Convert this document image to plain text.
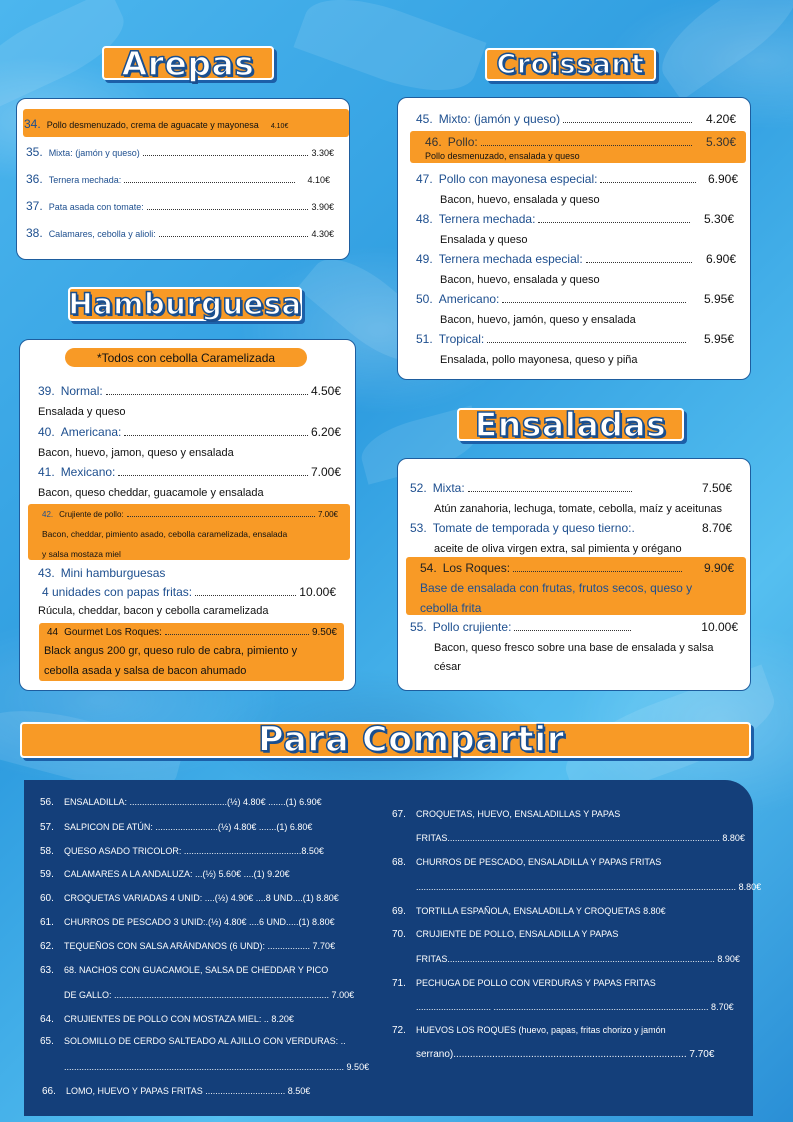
Arepas
34. Pollo desmenuzado, crema de aguacate y mayonesa 4.10€
35. Mixta: (jamón y queso)	3.30€
36. Ternera mechada:	4.10€
37. Pata asada con tomate:	3.90€
38. Calamares, cebolla y alioli:	4.30€
Hamburguesa
*Todos con cebolla Caramelizada
39. Normal:	4.50€
Ensalada y queso
40. Americana:	6.20€
Bacon, huevo, jamon, queso y ensalada
41. Mexicano:	7.00€
Bacon, queso cheddar, guacamole y ensalada
42. Crujiente de pollo:	7.00€
Bacon, cheddar, pimiento asado, cebolla caramelizada, ensalada
y salsa mostaza miel
43. Mini hamburguesas
4 unidades con papas fritas:	10.00€
Rúcula, cheddar, bacon y cebolla caramelizada
44 Gourmet Los Roques:	9.50€
Black angus 200 gr, queso rulo de cabra, pimiento y
cebolla asada y salsa de bacon ahumado
Croissant
45. Mixto: (jamón y queso)	4.20€
46. Pollo:	5.30€
Pollo desmenuzado, ensalada y queso
47. Pollo con mayonesa especial:	6.90€
Bacon, huevo, ensalada y queso
48. Ternera mechada:	5.30€
Ensalada y queso
49. Ternera mechada especial:	6.90€
Bacon, huevo, ensalada y queso
50. Americano:	5.95€
Bacon, huevo, jamón, queso y ensalada
51. Tropical:	5.95€
Ensalada, pollo mayonesa, queso y piña
Ensaladas
52. Mixta:	7.50€
Atún zanahoria, lechuga, tomate, cebolla, maíz y aceitunas
53. Tomate de temporada y queso tierno:.	8.70€
aceite de oliva virgen extra, sal pimienta y orégano
54. Los Roques:	9.90€
Base de ensalada con frutas, frutos secos, queso y
cebolla frita
55. Pollo crujiente:	10.00€
Bacon, queso fresco sobre una base de ensalada y salsa
césar
Para Compartir
56. ENSALADILLA: .......................................(½) 4.80€ .......(1) 6.90€
57. SALPICON DE ATÚN: .........................(½) 4.80€ .......(1) 6.80€
58. QUESO ASADO TRICOLOR: ...............................................8.50€
59. CALAMARES A LA ANDALUZA: ...(½) 5.60€ ....(1) 9.20€
60. CROQUETAS VARIADAS 4 UNID: ....(½) 4.90€ ....8 UND....(1) 8.80€
61. CHURROS DE PESCADO 3 UNID:.(½) 4.80€ ....6 UND.....(1) 8.80€
62. TEQUEÑOS CON SALSA ARÁNDANOS (6 UND): ................. 7.70€
63. 68. NACHOS CON GUACAMOLE, SALSA DE CHEDDAR Y PICO
DE GALLO: ...................................................................................... 7.00€
64. CRUJIENTES DE POLLO CON MOSTAZA MIEL: .. 8.20€
65. SOLOMILLO DE CERDO SALTEADO AL AJILLO CON VERDURAS: ..
................................................................................................................ 9.50€
66. LOMO, HUEVO Y PAPAS FRITAS ................................ 8.50€
67. CROQUETAS, HUEVO, ENSALADILLAS Y PAPAS
FRITAS............................................................................................................. 8.80€
68. CHURROS DE PESCADO, ENSALADILLA Y PAPAS FRITAS
................................................................................................................................ 8.80€
69. TORTILLA ESPAÑOLA, ENSALADILLA Y CROQUETAS 8.80€
70. CRUJIENTE DE POLLO, ENSALADILLA Y PAPAS
FRITAS........................................................................................................... 8.90€
71. PECHUGA DE POLLO CON VERDURAS Y PAPAS FRITAS
.............................. ...................................................................................... 8.70€
72. HUEVOS LOS ROQUES (huevo, papas, fritas chorizo y jamón
serrano).................................................................................... 7.70€
